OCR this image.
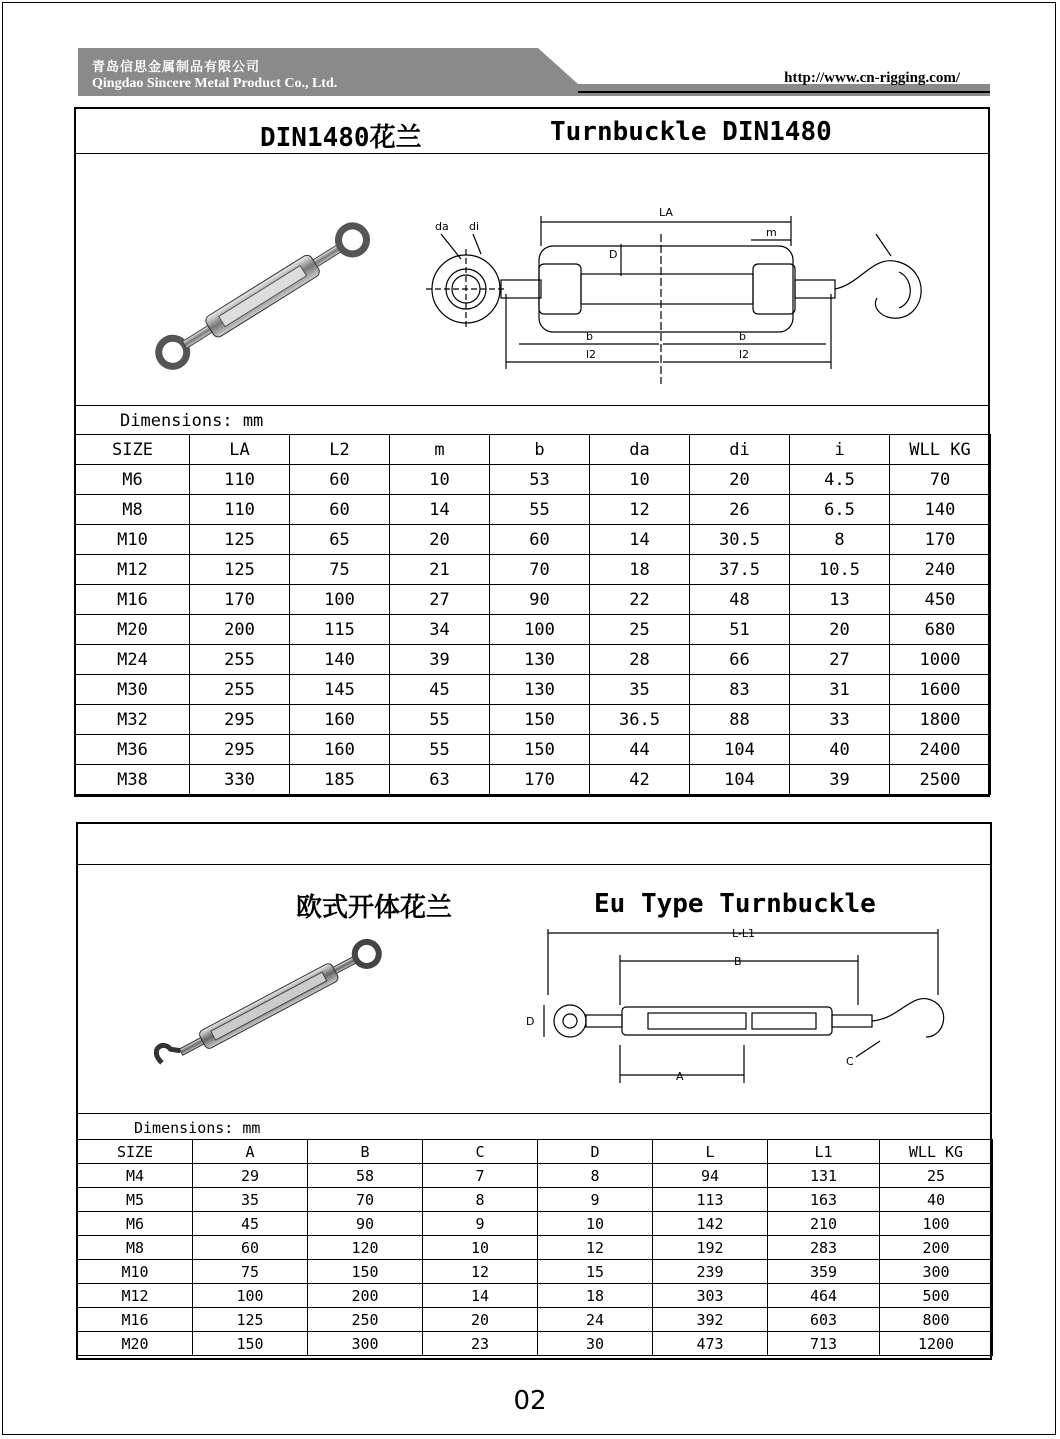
青岛信思金属制品有限公司
Qingdao Sincere Metal Product Co., Ltd.	http://www.cn-rigging.com/
DIN1480花兰	Turnbuckle DIN1480
LA
m
D
da di
b	b
l2	l2
Dimensions: mm
SIZE	LA	L2	m	b	da	di	i	WLL KG
M6	110	60	10	53	10	20	4.5	70
M8	110	60	14	55	12	26	6.5	140
M10	125	65	20	60	14	30.5	8	170
M12	125	75	21	70	18	37.5	10.5	240
M16	170	100	27	90	22	48	13	450
M20	200	115	34	100	25	51	20	680
M24	255	140	39	130	28	66	27	1000
M30	255	145	45	130	35	83	31	1600
M32	295	160	55	150	36.5	88	33	1800
M36	295	160	55	150	44	104	40	2400
M38	330	185	63	170	42	104	39	2500
欧式开体花兰	Eu Type Turnbuckle
L-L1
B
D
A
C
Dimensions: mm
SIZE	A	B	C	D	L	L1	WLL KG
M4	29	58	7	8	94	131	25
M5	35	70	8	9	113	163	40
M6	45	90	9	10	142	210	100
M8	60	120	10	12	192	283	200
M10	75	150	12	15	239	359	300
M12	100	200	14	18	303	464	500
M16	125	250	20	24	392	603	800
M20	150	300	23	30	473	713	1200
02
